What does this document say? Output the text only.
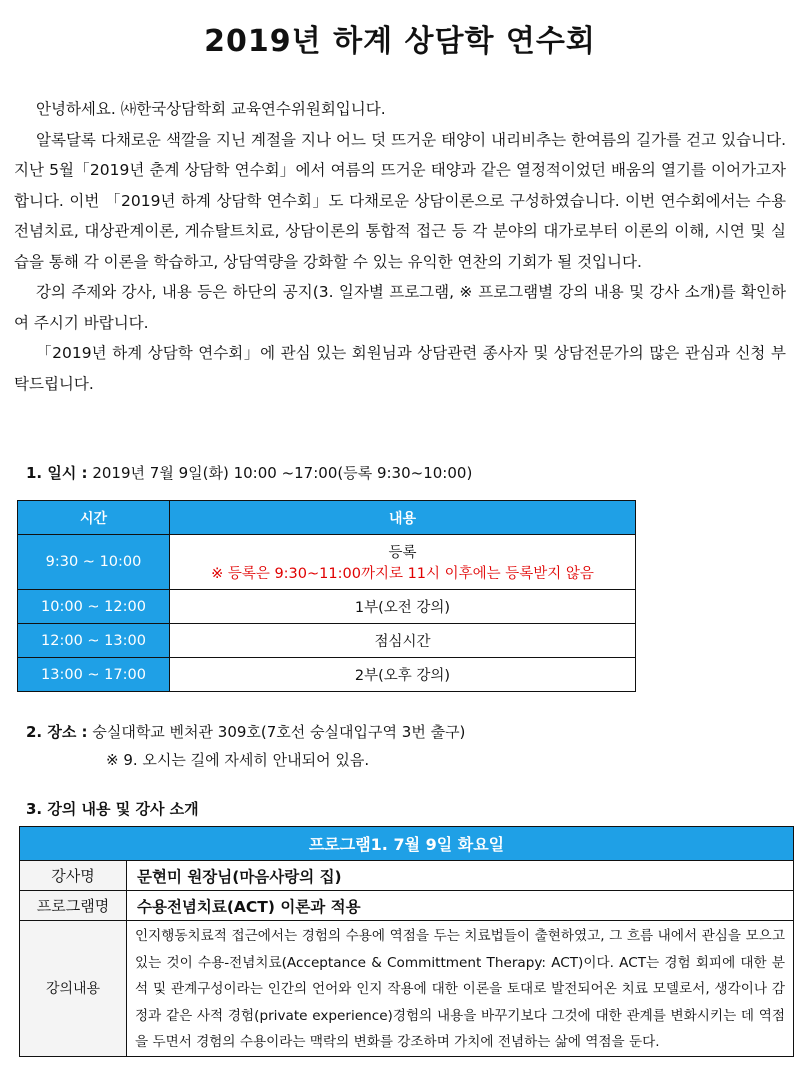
2019년 하계 상담학 연수회

안녕하세요. ㈔한국상담학회 교육연수위원회입니다.

알록달록 다채로운 색깔을 지닌 계절을 지나 어느 덧 뜨거운 태양이 내리비추는 한여름의 길가를 걷고 있습니다. 지난 5월「2019년 춘계 상담학 연수회」에서 여름의 뜨거운 태양과 같은 열정적이었던 배움의 열기를 이어가고자 합니다. 이번 「2019년 하계 상담학 연수회」도 다채로운 상담이론으로 구성하였습니다. 이번 연수회에서는 수용전념치료, 대상관계이론, 게슈탈트치료, 상담이론의 통합적 접근 등 각 분야의 대가로부터 이론의 이해, 시연 및 실습을 통해 각 이론을 학습하고, 상담역량을 강화할 수 있는 유익한 연찬의 기회가 될 것입니다.

강의 주제와 강사, 내용 등은 하단의 공지(3. 일자별 프로그램, ※ 프로그램별 강의 내용 및 강사 소개)를 확인하여 주시기 바랍니다.

「2019년 하계 상담학 연수회」에 관심 있는 회원님과 상담관련 종사자 및 상담전문가의 많은 관심과 신청 부탁드립니다.

1. 일시 : 2019년 7월 9일(화) 10:00 ~17:00(등록 9:30~10:00)
시간	내용
9:30 ~ 10:00	등록
※ 등록은 9:30~11:00까지로 11시 이후에는 등록받지 않음

10:00 ~ 12:00	1부(오전 강의)
12:00 ~ 13:00	점심시간
13:00 ~ 17:00	2부(오후 강의)
2. 장소 : 숭실대학교 벤처관 309호(7호선 숭실대입구역 3번 출구)
※ 9. 오시는 길에 자세히 안내되어 있음.
3. 강의 내용 및 강사 소개
프로그램1. 7월 9일 화요일	
강사명	문현미 원장님(마음사랑의 집)
프로그램명	수용전념치료(ACT) 이론과 적용
강의내용	인지행동치료적 접근에서는 경험의 수용에 역점을 두는 치료법들이 출현하였고, 그 흐름 내에서 관심을 모으고 있는 것이 수용-전념치료(Acceptance & Committment Therapy: ACT)이다. ACT는 경험 회피에 대한 분석 및 관계구성이라는 인간의 언어와 인지 작용에 대한 이론을 토대로 발전되어온 치료 모델로서, 생각이나 감정과 같은 사적 경험(private experience)경험의 내용을 바꾸기보다 그것에 대한 관계를 변화시키는 데 역점을 두면서 경험의 수용이라는 맥락의 변화를 강조하며 가치에 전념하는 삶에 역점을 둔다.
